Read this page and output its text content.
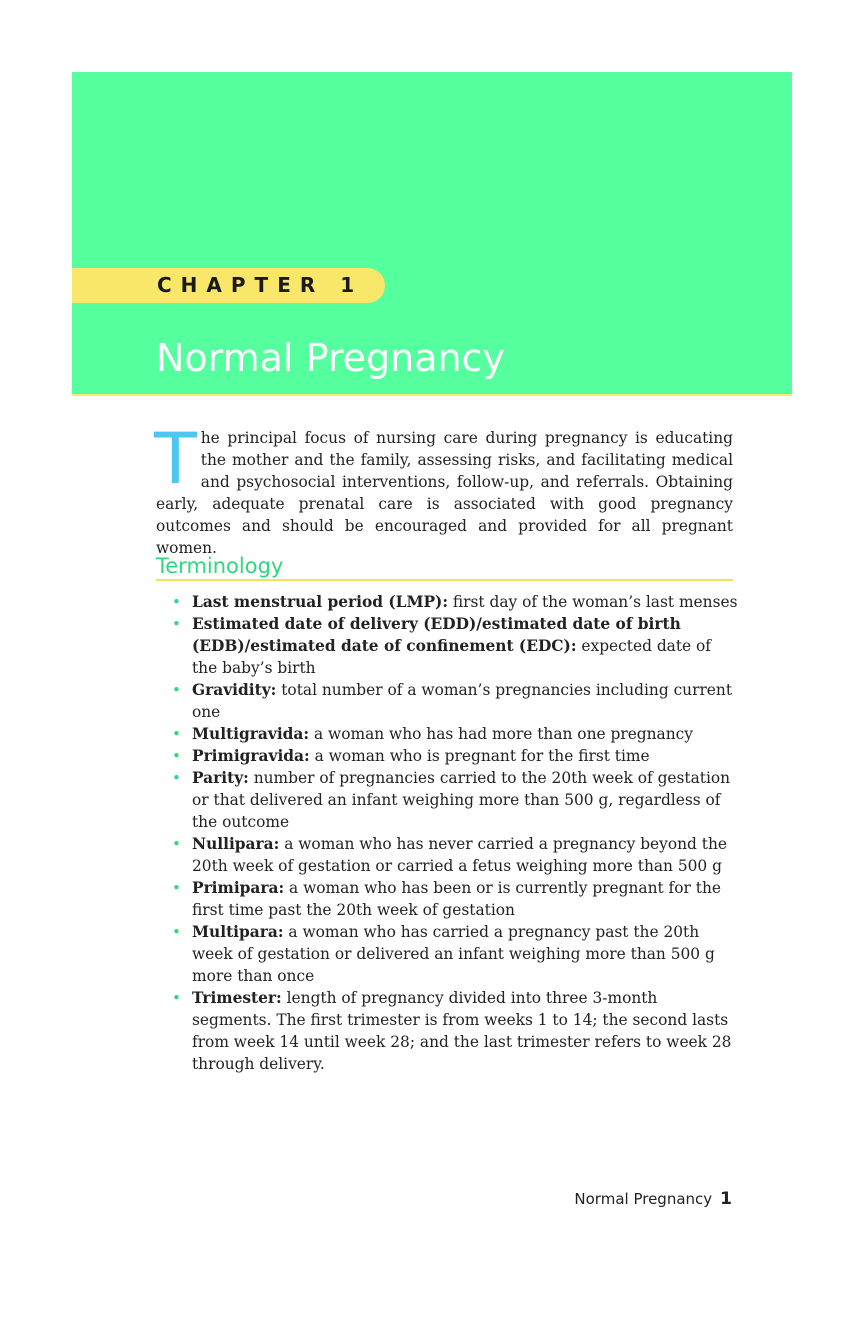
CHAPTER 1
Normal Pregnancy
The principal focus of nursing care during pregnancy is educating the mother and the family, assessing risks, and facilitating medical and psychosocial interventions, follow-up, and referrals. Obtaining early, adequate prenatal care is associated with good pregnancy outcomes and should be encouraged and provided for all pregnant women.
Terminology
• Last menstrual period (LMP): first day of the woman’s last menses
• Estimated date of delivery (EDD)/estimated date of birth (EDB)/estimated date of confinement (EDC): expected date of the baby’s birth
• Gravidity: total number of a woman’s pregnancies including current one
• Multigravida: a woman who has had more than one pregnancy
• Primigravida: a woman who is pregnant for the first time
• Parity: number of pregnancies carried to the 20th week of gestation or that delivered an infant weighing more than 500 g, regardless of the outcome
• Nullipara: a woman who has never carried a pregnancy beyond the 20th week of gestation or carried a fetus weighing more than 500 g
• Primipara: a woman who has been or is currently pregnant for the first time past the 20th week of gestation
• Multipara: a woman who has carried a pregnancy past the 20th week of gestation or delivered an infant weighing more than 500 g more than once
• Trimester: length of pregnancy divided into three 3-month segments. The first trimester is from weeks 1 to 14; the second lasts from week 14 until week 28; and the last trimester refers to week 28 through delivery.
Normal Pregnancy 1
